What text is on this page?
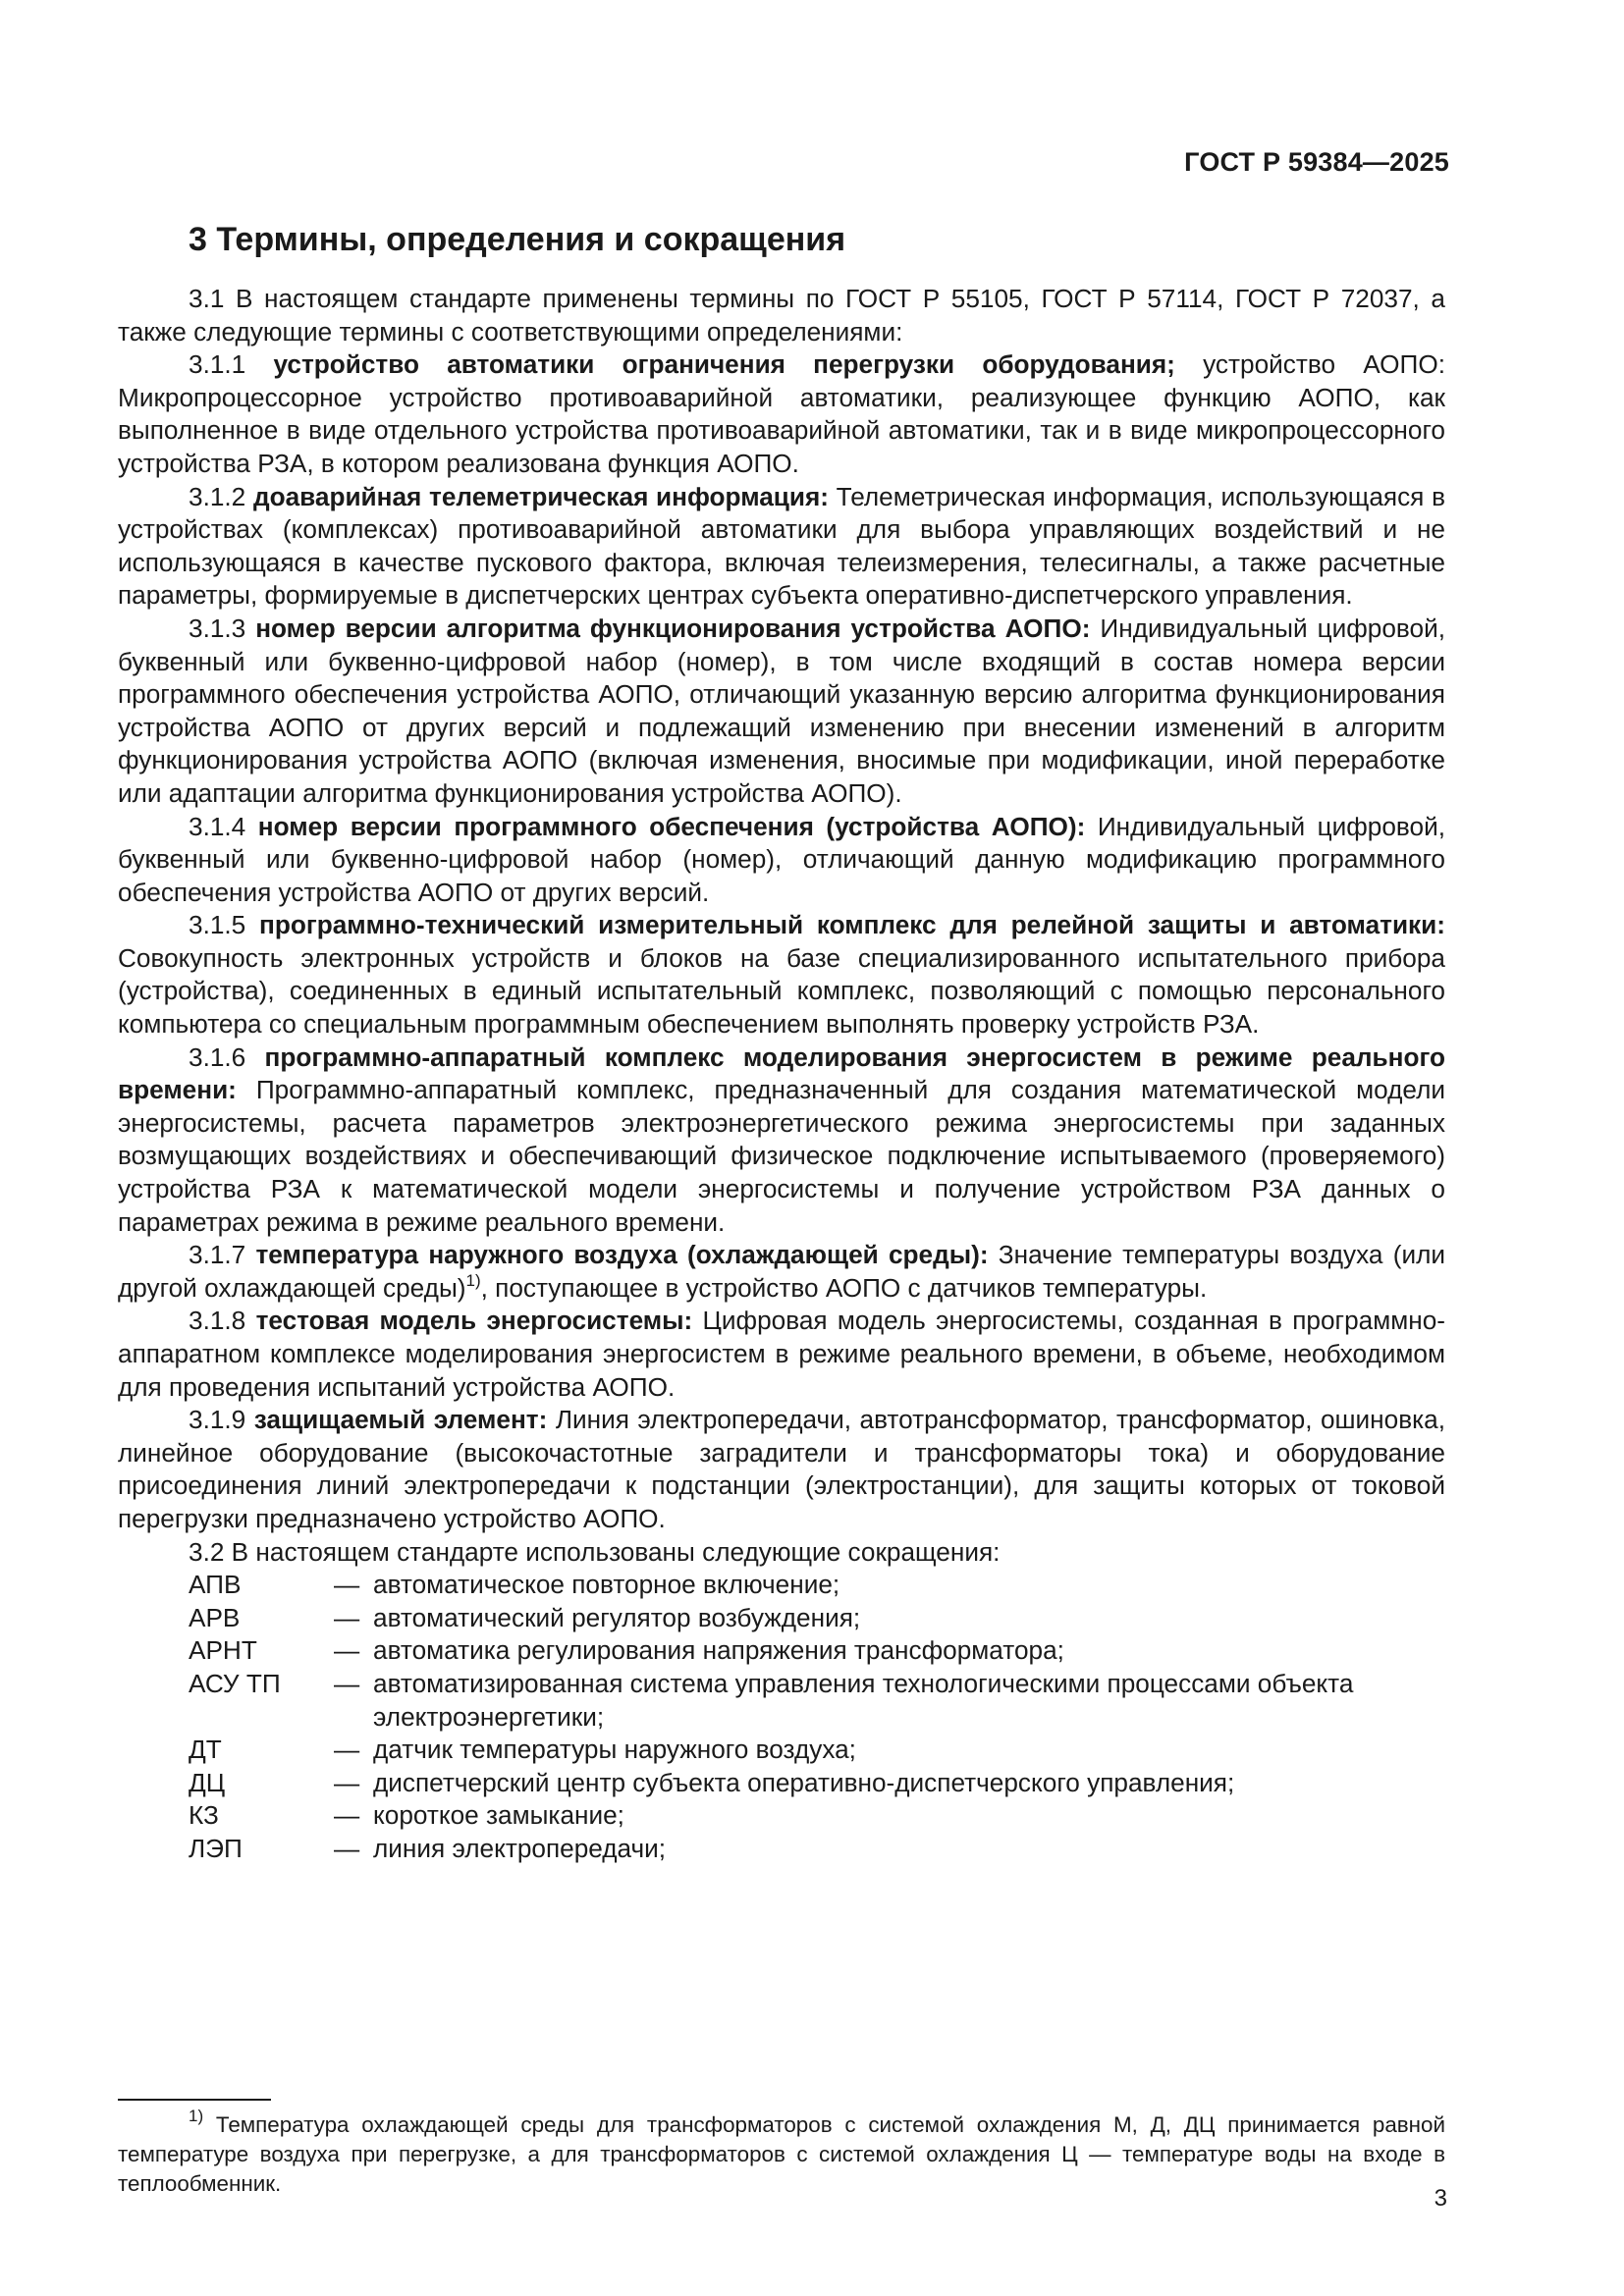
ГОСТ Р 59384—2025
3 Термины, определения и сокращения

3.1 В настоящем стандарте применены термины по ГОСТ Р 55105, ГОСТ Р 57114, ГОСТ Р 72037, а также следующие термины с соответствующими определениями:

3.1.1 устройство автоматики ограничения перегрузки оборудования; устройство АОПО: Микропроцессорное устройство противоаварийной автоматики, реализующее функцию АОПО, как выполненное в виде отдельного устройства противоаварийной автоматики, так и в виде микропроцессорного устройства РЗА, в котором реализована функция АОПО.

3.1.2 доаварийная телеметрическая информация: Телеметрическая информация, использующаяся в устройствах (комплексах) противоаварийной автоматики для выбора управляющих воздействий и не использующаяся в качестве пускового фактора, включая телеизмерения, телесигналы, а также расчетные параметры, формируемые в диспетчерских центрах субъекта оперативно-диспетчерского управления.

3.1.3 номер версии алгоритма функционирования устройства АОПО: Индивидуальный цифровой, буквенный или буквенно-цифровой набор (номер), в том числе входящий в состав номера версии программного обеспечения устройства АОПО, отличающий указанную версию алгоритма функционирования устройства АОПО от других версий и подлежащий изменению при внесении изменений в алгоритм функционирования устройства АОПО (включая изменения, вносимые при модификации, иной переработке или адаптации алгоритма функционирования устройства АОПО).

3.1.4 номер версии программного обеспечения (устройства АОПО): Индивидуальный цифровой, буквенный или буквенно-цифровой набор (номер), отличающий данную модификацию программного обеспечения устройства АОПО от других версий.

3.1.5 программно-технический измерительный комплекс для релейной защиты и автоматики: Совокупность электронных устройств и блоков на базе специализированного испытательного прибора (устройства), соединенных в единый испытательный комплекс, позволяющий с помощью персонального компьютера со специальным программным обеспечением выполнять проверку устройств РЗА.

3.1.6 программно-аппаратный комплекс моделирования энергосистем в режиме реального времени: Программно-аппаратный комплекс, предназначенный для создания математической модели энергосистемы, расчета параметров электроэнергетического режима энергосистемы при заданных возмущающих воздействиях и обеспечивающий физическое подключение испытываемого (проверяемого) устройства РЗА к математической модели энергосистемы и получение устройством РЗА данных о параметрах режима в режиме реального времени.

3.1.7 температура наружного воздуха (охлаждающей среды): Значение температуры воздуха (или другой охлаждающей среды)$^{1)}$, поступающее в устройство АОПО с датчиков температуры.

3.1.8 тестовая модель энергосистемы: Цифровая модель энергосистемы, созданная в программно-аппаратном комплексе моделирования энергосистем в режиме реального времени, в объеме, необходимом для проведения испытаний устройства АОПО.

3.1.9 защищаемый элемент: Линия электропередачи, автотрансформатор, трансформатор, ошиновка, линейное оборудование (высокочастотные заградители и трансформаторы тока) и оборудование присоединения линий электропередачи к подстанции (электростанции), для защиты которых от токовой перегрузки предназначено устройство АОПО.

3.2 В настоящем стандарте использованы следующие сокращения:

АПВ	— автоматическое повторное включение;
АРВ	— автоматический регулятор возбуждения;
АРНТ	— автоматика регулирования напряжения трансформатора;
АСУ ТП	— автоматизированная система управления технологическими процессами объекта электроэнергетики;
ДТ	— датчик температуры наружного воздуха;
ДЦ	— диспетчерский центр субъекта оперативно-диспетчерского управления;
КЗ	— короткое замыкание;
ЛЭП	— линия электропередачи;

$^{1)}$ Температура охлаждающей среды для трансформаторов с системой охлаждения М, Д, ДЦ принимается равной температуре воздуха при перегрузке, а для трансформаторов с системой охлаждения Ц — температуре воды на входе в теплообменник.

3
